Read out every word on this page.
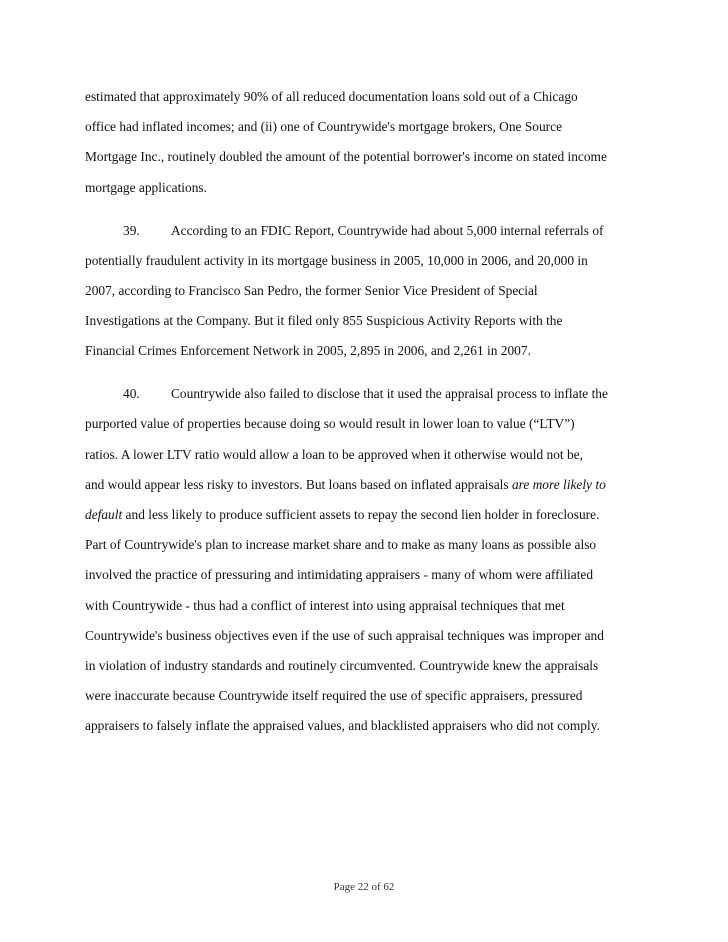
estimated that approximately 90% of all reduced documentation loans sold out of a Chicago
office had inflated incomes; and (ii) one of Countrywide's mortgage brokers, One Source
Mortgage Inc., routinely doubled the amount of the potential borrower's income on stated income
mortgage applications.
39. According to an FDIC Report, Countrywide had about 5,000 internal referrals of
potentially fraudulent activity in its mortgage business in 2005, 10,000 in 2006, and 20,000 in
2007, according to Francisco San Pedro, the former Senior Vice President of Special
Investigations at the Company. But it filed only 855 Suspicious Activity Reports with the
Financial Crimes Enforcement Network in 2005, 2,895 in 2006, and 2,261 in 2007.
40. Countrywide also failed to disclose that it used the appraisal process to inflate the
purported value of properties because doing so would result in lower loan to value (“LTV”)
ratios. A lower LTV ratio would allow a loan to be approved when it otherwise would not be,
and would appear less risky to investors. But loans based on inflated appraisals are more likely to
default and less likely to produce sufficient assets to repay the second lien holder in foreclosure.
Part of Countrywide's plan to increase market share and to make as many loans as possible also
involved the practice of pressuring and intimidating appraisers - many of whom were affiliated
with Countrywide - thus had a conflict of interest into using appraisal techniques that met
Countrywide's business objectives even if the use of such appraisal techniques was improper and
in violation of industry standards and routinely circumvented. Countrywide knew the appraisals
were inaccurate because Countrywide itself required the use of specific appraisers, pressured
appraisers to falsely inflate the appraised values, and blacklisted appraisers who did not comply.
Page 22 of 62
